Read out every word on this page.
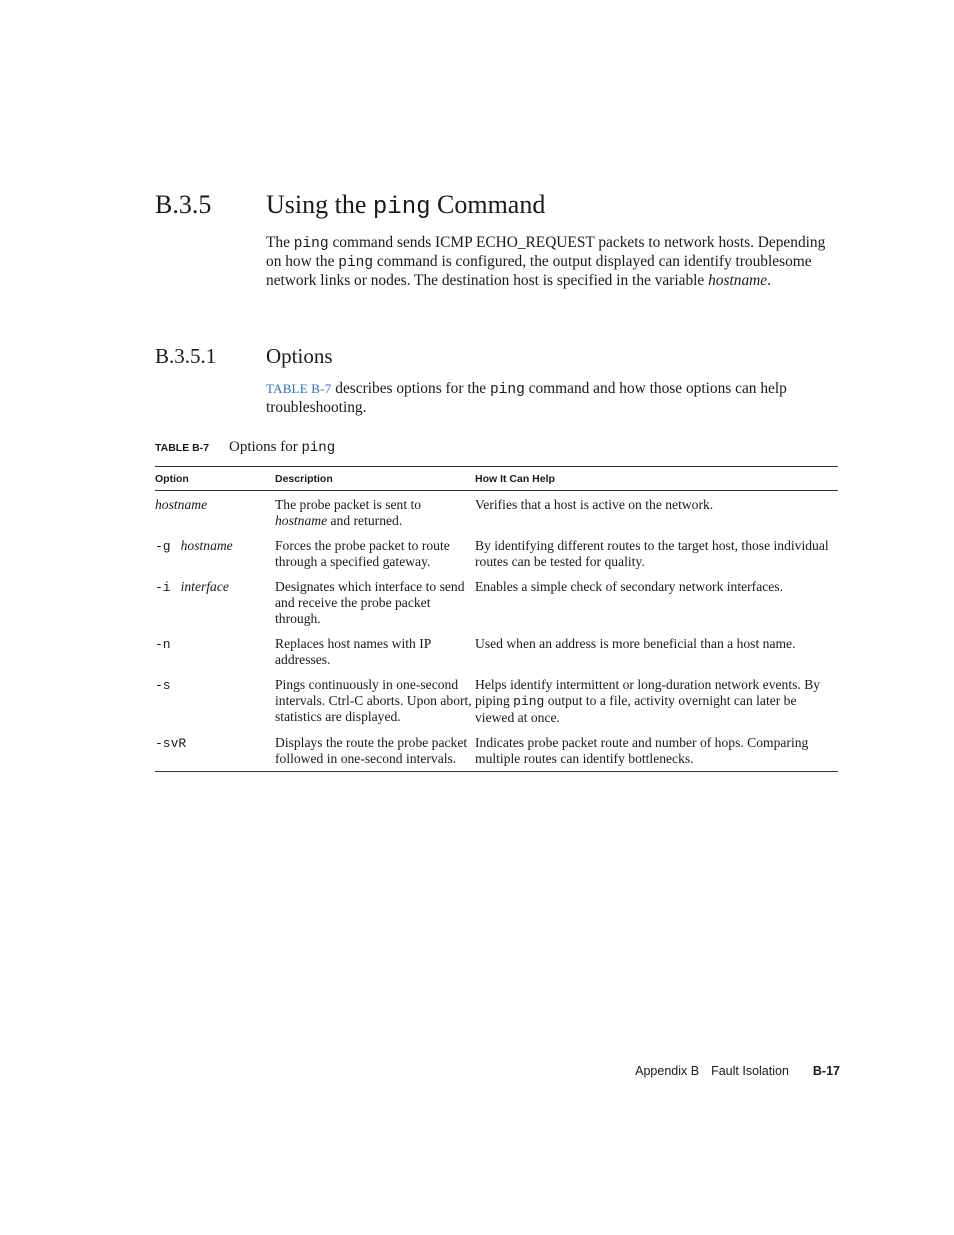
B.3.5 Using the ping Command

The ping command sends ICMP ECHO_REQUEST packets to network hosts. Depending on how the ping command is configured, the output displayed can identify troublesome network links or nodes. The destination host is specified in the variable hostname.

B.3.5.1 Options

TABLE B-7 describes options for the ping command and how those options can help troubleshooting.

TABLE B-7 Options for ping
Option	Description	How It Can Help
hostname	The probe packet is sent to hostname and returned.	Verifies that a host is active on the network.
-g hostname	Forces the probe packet to route through a specified gateway.	By identifying different routes to the target host, those individual routes can be tested for quality.
-i interface	Designates which interface to send and receive the probe packet through.	Enables a simple check of secondary network interfaces.
-n	Replaces host names with IP addresses.	Used when an address is more beneficial than a host name.
-s	Pings continuously in one-second intervals. Ctrl-C aborts. Upon abort, statistics are displayed.	Helps identify intermittent or long-duration network events. By piping ping output to a file, activity overnight can later be viewed at once.
-svR	Displays the route the probe packet followed in one-second intervals.	Indicates probe packet route and number of hops. Comparing multiple routes can identify bottlenecks.
Appendix B Fault Isolation B-17
